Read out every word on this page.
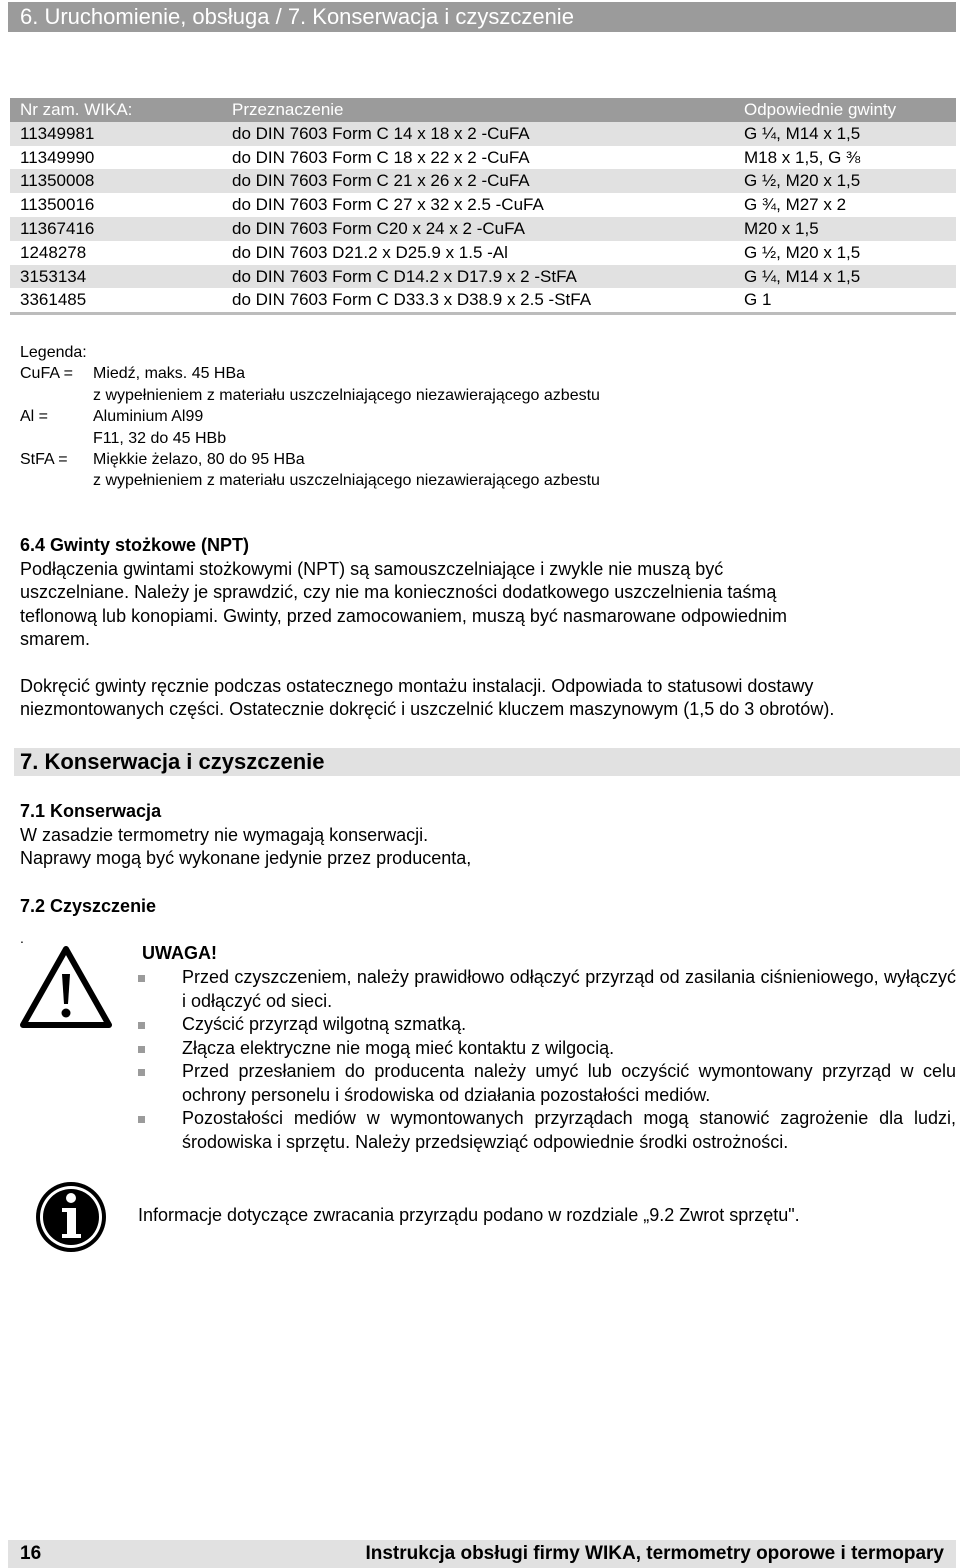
6. Uruchomienie, obsługa / 7. Konserwacja i czyszczenie
Nr zam. WIKA:	Przeznaczenie	Odpowiednie gwinty
11349981	do DIN 7603 Form C 14 x 18 x 2 -CuFA	G ¼, M14 x 1,5
11349990	do DIN 7603 Form C 18 x 22 x 2 -CuFA	M18 x 1,5, G ⅜
11350008	do DIN 7603 Form C 21 x 26 x 2 -CuFA	G ½, M20 x 1,5
11350016	do DIN 7603 Form C 27 x 32 x 2.5 -CuFA	G ¾, M27 x 2
11367416	do DIN 7603 Form C20 x 24 x 2 -CuFA	M20 x 1,5
1248278	do DIN 7603 D21.2 x D25.9 x 1.5 -Al	G ½, M20 x 1,5
3153134	do DIN 7603 Form C D14.2 x D17.9 x 2 -StFA	G ¼, M14 x 1,5
3361485	do DIN 7603 Form C D33.3 x D38.9 x 2.5 -StFA	G 1
Legenda:
CuFA =	Miedź, maks. 45 HBa
z wypełnieniem z materiału uszczelniającego niezawierającego azbestu
Al =	Aluminium Al99
F11, 32 do 45 HBb
StFA =	Miękkie żelazo, 80 do 95 HBa
z wypełnieniem z materiału uszczelniającego niezawierającego azbestu

6.4 Gwinty stożkowe (NPT)

Podłączenia gwintami stożkowymi (NPT) są samouszczelniające i zwykle nie muszą być

uszczelniane. Należy je sprawdzić, czy nie ma konieczności dodatkowego uszczelnienia taśmą

teflonową lub konopiami. Gwinty, przed zamocowaniem, muszą być nasmarowane odpowiednim

smarem.

Dokręcić gwinty ręcznie podczas ostatecznego montażu instalacji. Odpowiada to statusowi dostawy

niezmontowanych części. Ostatecznie dokręcić i uszczelnić kluczem maszynowym (1,5 do 3 obrotów).

7. Konserwacja i czyszczenie

7.1 Konserwacja

W zasadzie termometry nie wymagają konserwacji.

Naprawy mogą być wykonane jedynie przez producenta,

7.2 Czyszczenie
.
UWAGA!
Przed czyszczeniem, należy prawidłowo odłączyć przyrząd od zasilania ciśnieniowego, wyłączyć i odłączyć od sieci.
Czyścić przyrząd wilgotną szmatką.
Złącza elektryczne nie mogą mieć kontaktu z wilgocią.
Przed przesłaniem do producenta należy umyć lub oczyścić wymontowany przyrząd w celu ochrony personelu i środowiska od działania pozostałości mediów.
Pozostałości mediów w wymontowanych przyrządach mogą stanowić zagrożenie dla ludzi, środowiska i sprzętu. Należy przedsięwziąć odpowiednie środki ostrożności.
Informacje dotyczące zwracania przyrządu podano w rozdziale „9.2 Zwrot sprzętu".
16	Instrukcja obsługi firmy WIKA, termometry oporowe i termopary
